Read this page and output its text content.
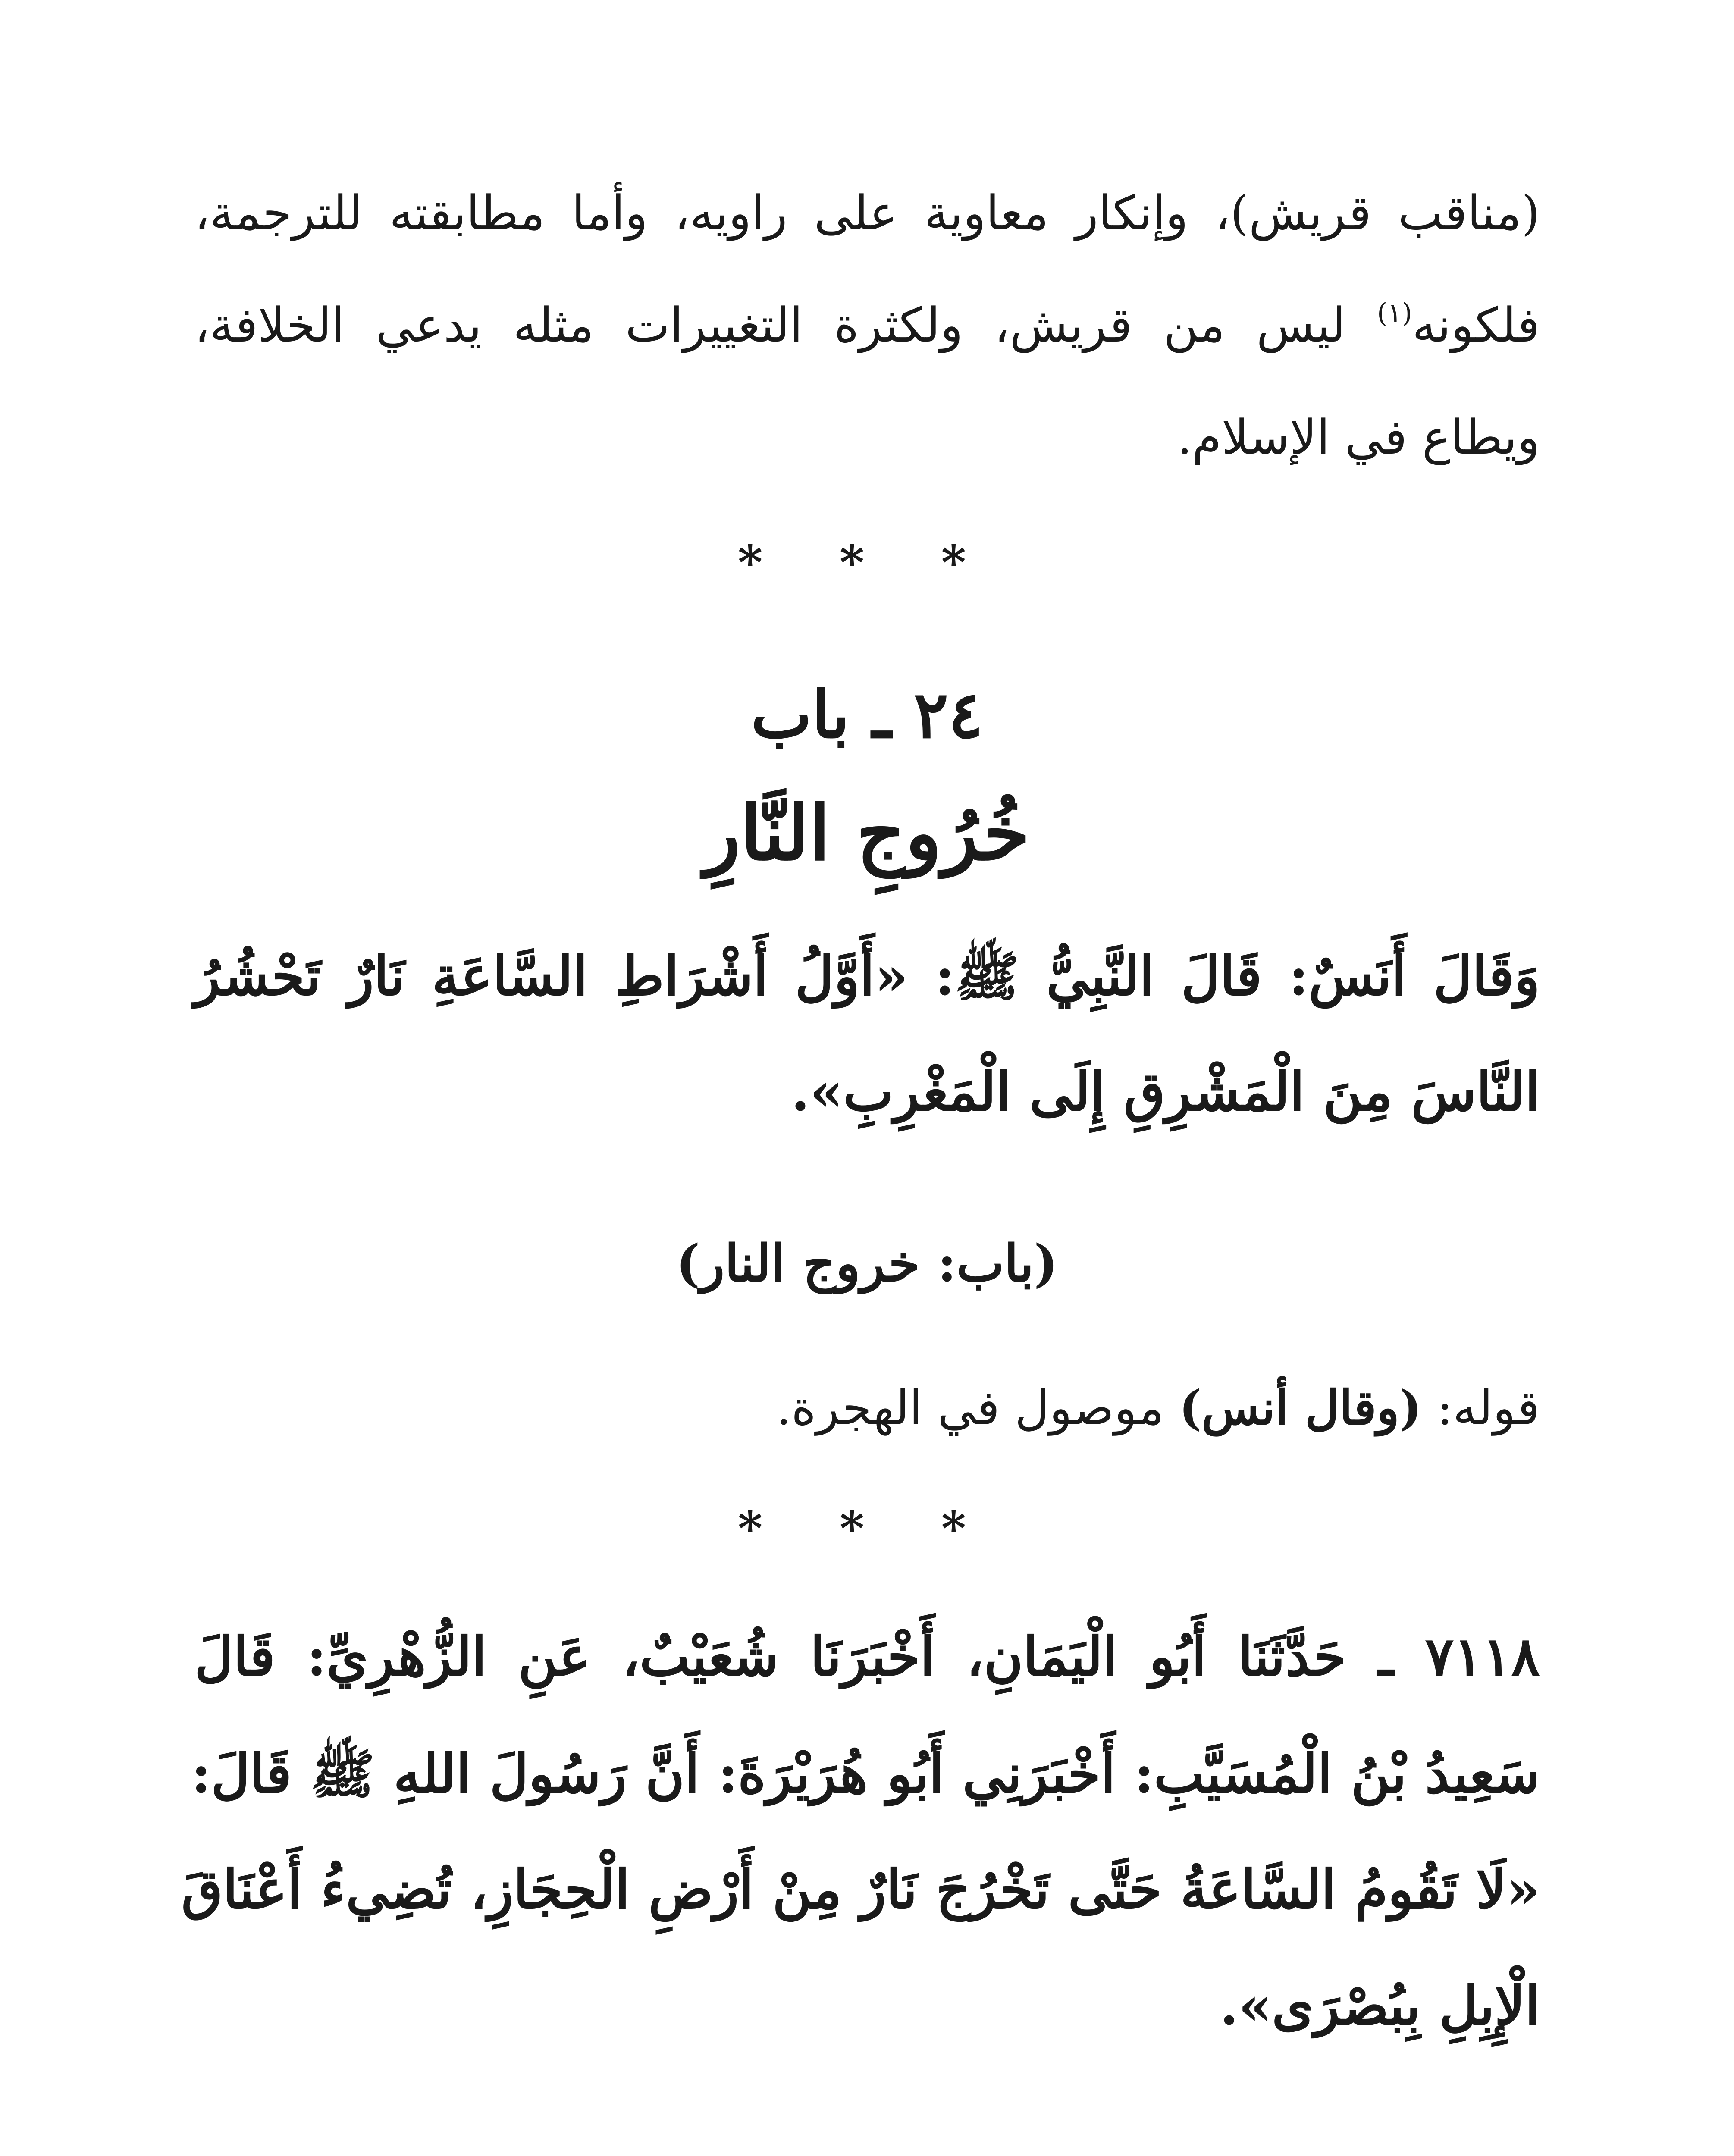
(مناقب قريش)، وإنكار معاوية على راويه، وأما مطابقته للترجمة،
فلكونه$^{(١)}$ ليس من قريش، ولكثرة التغييرات مثله يدعي الخلافة،
ويطاع في الإسلام.
* * *
٢٤ ـ باب
خُرُوجِ النَّارِ
وَقَالَ أَنَسٌ: قَالَ النَّبِيُّ ﷺ: «أَوَّلُ أَشْرَاطِ السَّاعَةِ نَارٌ تَحْشُرُ
النَّاسَ مِنَ الْمَشْرِقِ إِلَى الْمَغْرِبِ».
(باب: خروج النار)
قوله: (وقال أنس) موصول في الهجرة.
* * *
٧١١٨ ـ حَدَّثَنَا أَبُو الْيَمَانِ، أَخْبَرَنَا شُعَيْبٌ، عَنِ الزُّهْرِيِّ: قَالَ
سَعِيدُ بْنُ الْمُسَيَّبِ: أَخْبَرَنِي أَبُو هُرَيْرَةَ: أَنَّ رَسُولَ اللهِ ﷺ قَالَ:
«لَا تَقُومُ السَّاعَةُ حَتَّى تَخْرُجَ نَارٌ مِنْ أَرْضِ الْحِجَازِ، تُضِيءُ أَعْنَاقَ
الْإِبِلِ بِبُصْرَى».
